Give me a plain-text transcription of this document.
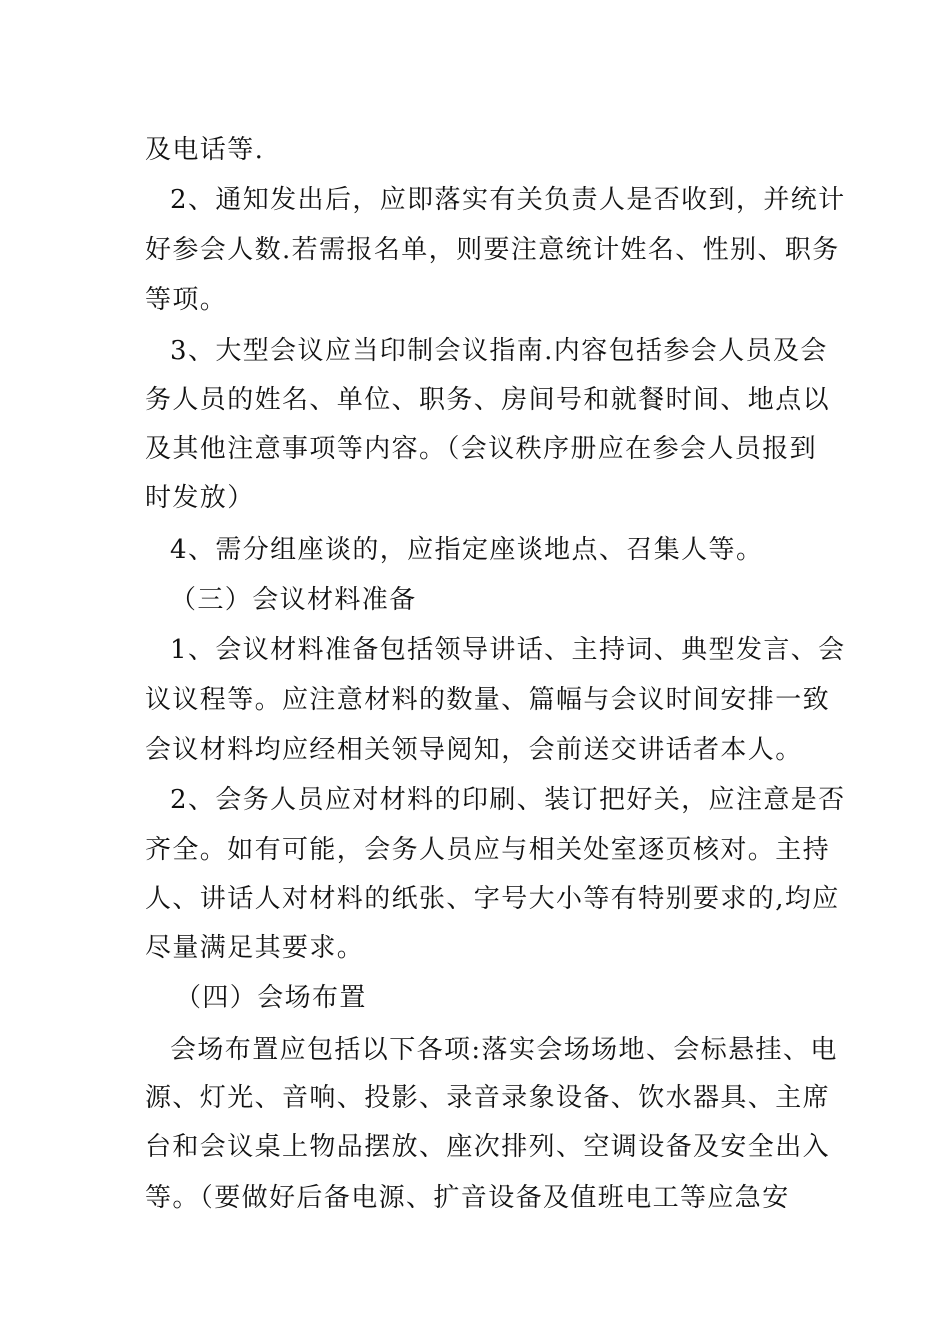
及电话等.

2、通知发出后，应即落实有关负责人是否收到，并统计

好参会人数.若需报名单，则要注意统计姓名、性别、职务

等项。

3、大型会议应当印制会议指南.内容包括参会人员及会

务人员的姓名、单位、职务、房间号和就餐时间、地点以

及其他注意事项等内容。（会议秩序册应在参会人员报到

时发放）

4、需分组座谈的，应指定座谈地点、召集人等。

（三）会议材料准备

1、会议材料准备包括领导讲话、主持词、典型发言、会

议议程等。应注意材料的数量、篇幅与会议时间安排一致

会议材料均应经相关领导阅知，会前送交讲话者本人。

2、会务人员应对材料的印刷、装订把好关，应注意是否

齐全。如有可能，会务人员应与相关处室逐页核对。主持

人、讲话人对材料的纸张、字号大小等有特别要求的,均应

尽量满足其要求。

（四）会场布置

会场布置应包括以下各项:落实会场场地、会标悬挂、电

源、灯光、音响、投影、录音录象设备、饮水器具、主席

台和会议桌上物品摆放、座次排列、空调设备及安全出入

等。（要做好后备电源、扩音设备及值班电工等应急安
